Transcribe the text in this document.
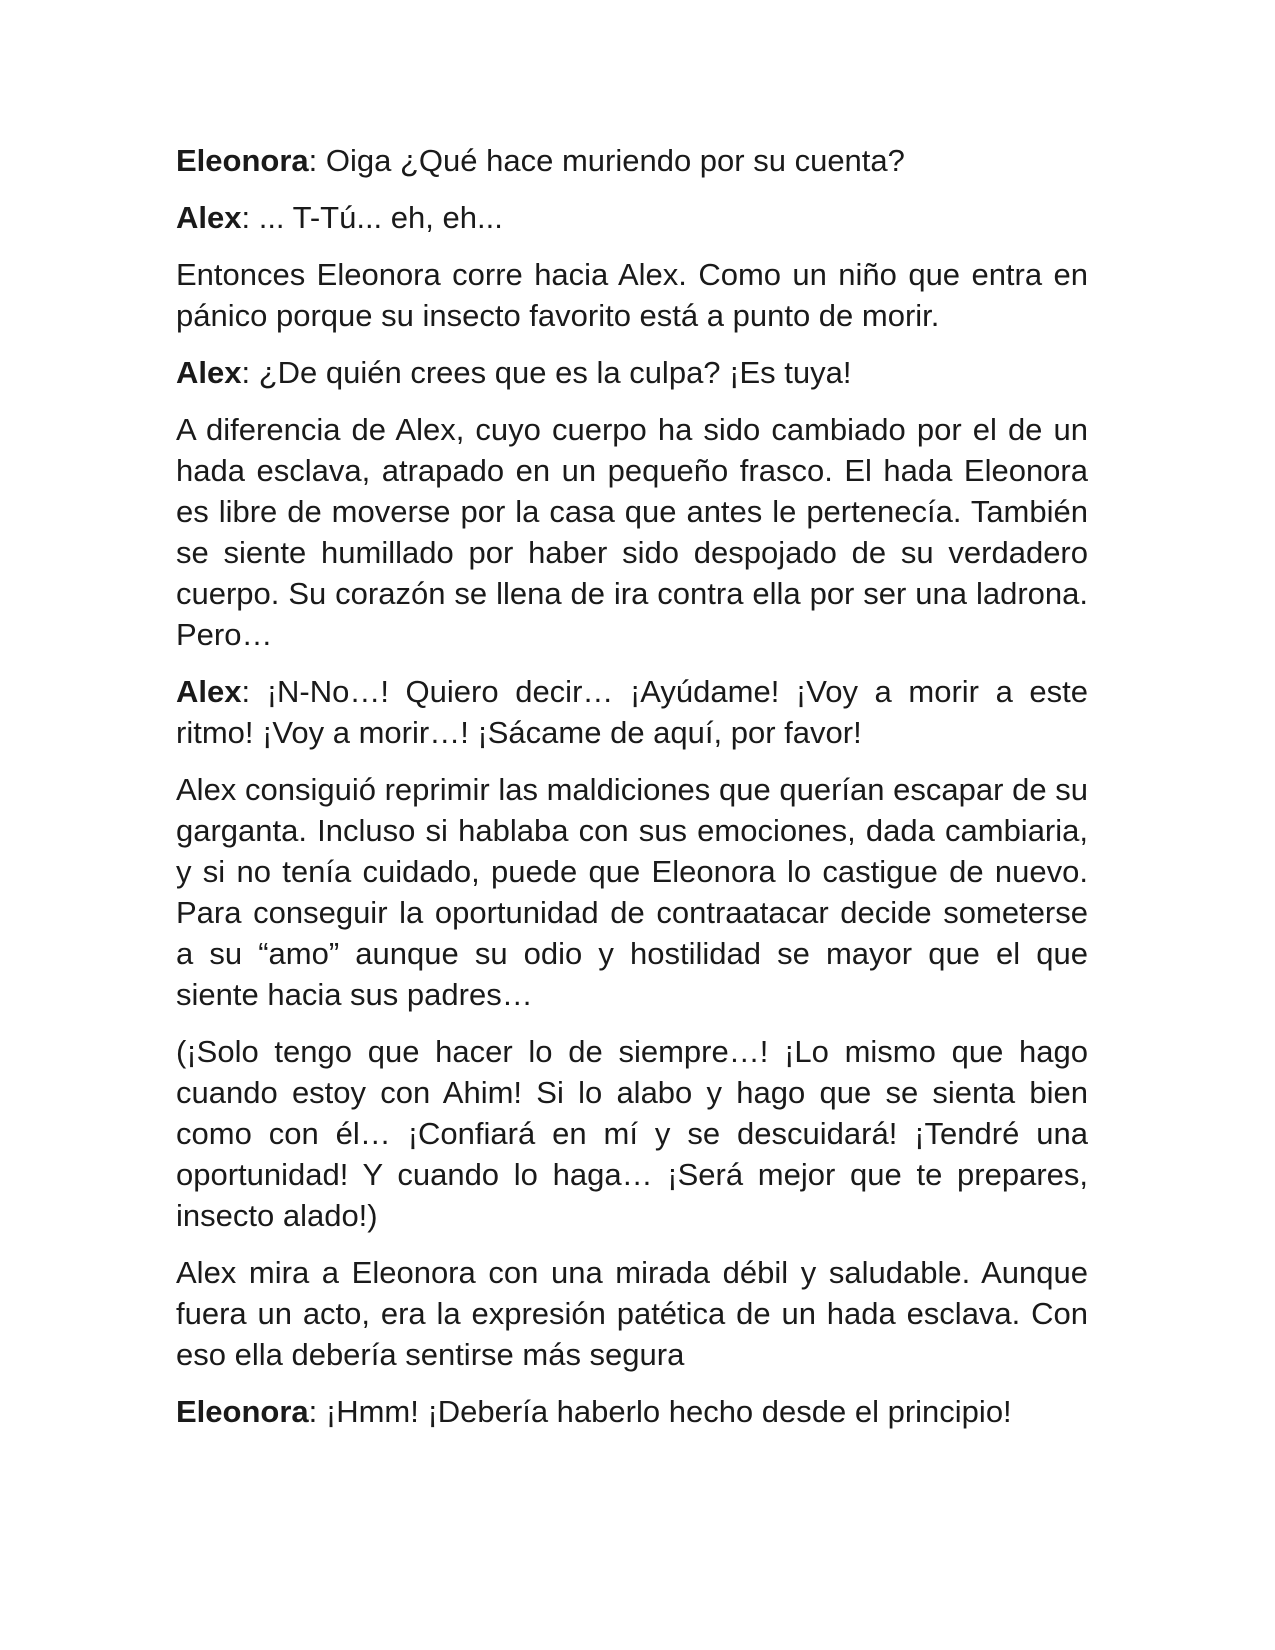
Eleonora: Oiga ¿Qué hace muriendo por su cuenta?

Alex: ... T-Tú... eh, eh...

Entonces Eleonora corre hacia Alex. Como un niño que entra en pánico porque su insecto favorito está a punto de morir.

Alex: ¿De quién crees que es la culpa? ¡Es tuya!

A diferencia de Alex, cuyo cuerpo ha sido cambiado por el de un hada esclava, atrapado en un pequeño frasco. El hada Eleonora es libre de moverse por la casa que antes le pertenecía. También se siente humillado por haber sido despojado de su verdadero cuerpo. Su corazón se llena de ira contra ella por ser una ladrona. Pero…

Alex: ¡N-No…! Quiero decir… ¡Ayúdame! ¡Voy a morir a este ritmo! ¡Voy a morir…! ¡Sácame de aquí, por favor!

Alex consiguió reprimir las maldiciones que querían escapar de su garganta. Incluso si hablaba con sus emociones, dada cambiaria, y si no tenía cuidado, puede que Eleonora lo castigue de nuevo. Para conseguir la oportunidad de contraatacar decide someterse a su “amo” aunque su odio y hostilidad se mayor que el que siente hacia sus padres…

(¡Solo tengo que hacer lo de siempre…! ¡Lo mismo que hago cuando estoy con Ahim! Si lo alabo y hago que se sienta bien como con él… ¡Confiará en mí y se descuidará! ¡Tendré una oportunidad! Y cuando lo haga… ¡Será mejor que te prepares, insecto alado!)

Alex mira a Eleonora con una mirada débil y saludable. Aunque fuera un acto, era la expresión patética de un hada esclava. Con eso ella debería sentirse más segura

Eleonora: ¡Hmm! ¡Debería haberlo hecho desde el principio!
